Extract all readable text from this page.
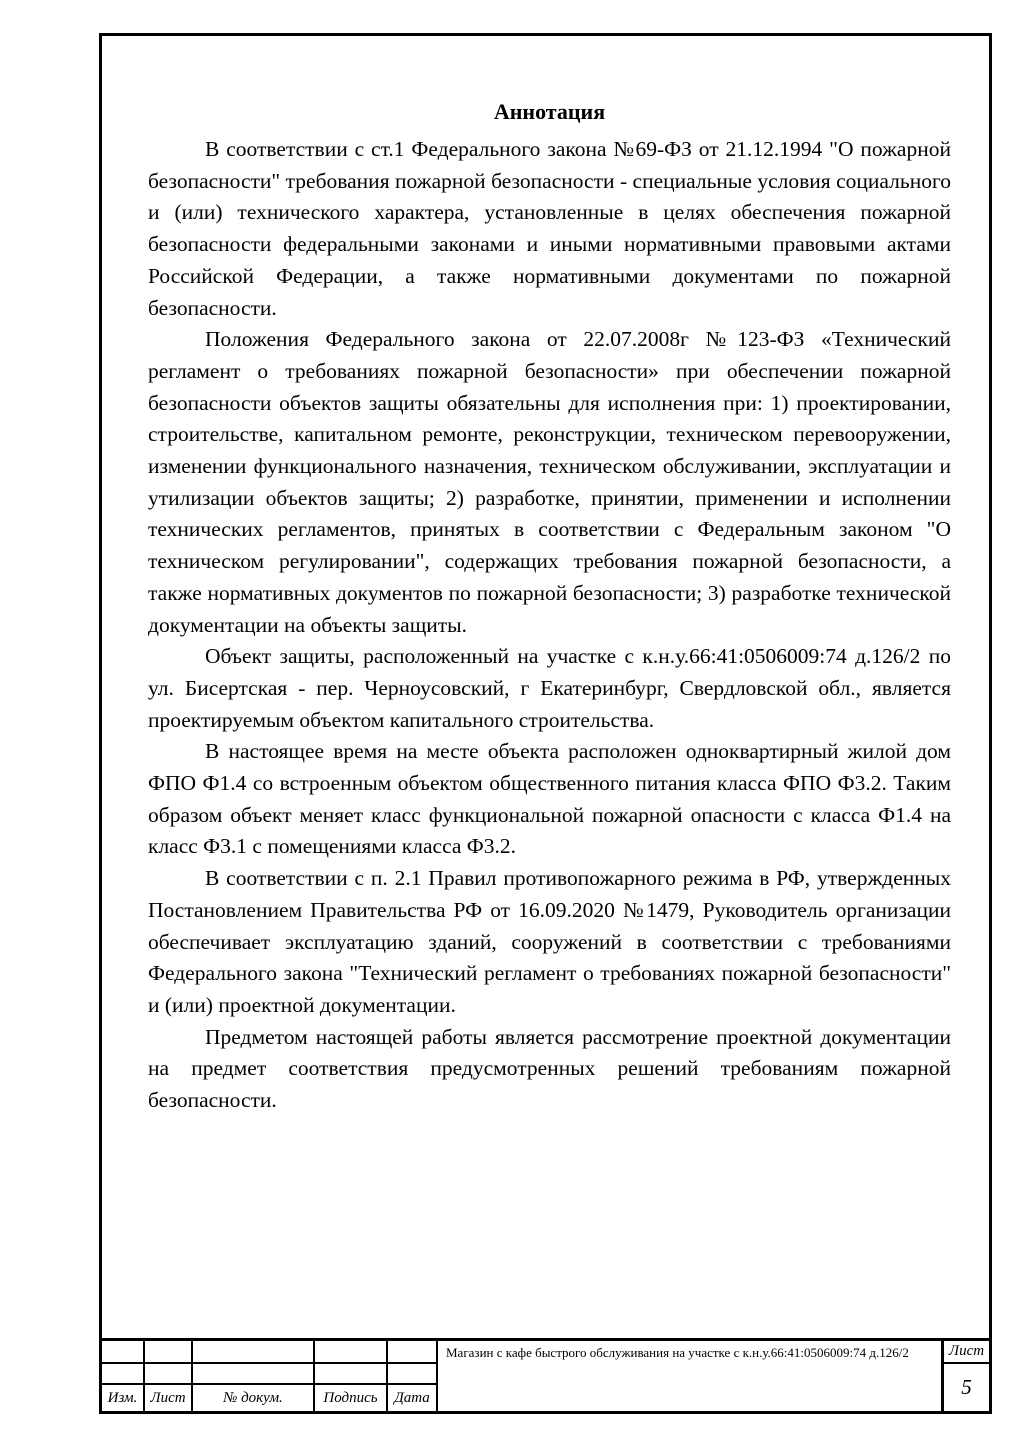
Аннотация

В соответствии с ст.1 Федерального закона №69-ФЗ от 21.12.1994 "О пожарной безопасности" требования пожарной безопасности - специальные условия социального и (или) технического характера, установленные в целях обеспечения пожарной безопасности федеральными законами и иными нормативными правовыми актами Российской Федерации, а также нормативными документами по пожарной безопасности.

Положения Федерального закона от 22.07.2008г №123-ФЗ «Технический регламент о требованиях пожарной безопасности» при обеспечении пожарной безопасности объектов защиты обязательны для исполнения при: 1) проектировании, строительстве, капитальном ремонте, реконструкции, техническом перевооружении, изменении функционального назначения, техническом обслуживании, эксплуатации и утилизации объектов защиты; 2) разработке, принятии, применении и исполнении технических регламентов, принятых в соответствии с Федеральным законом "О техническом регулировании", содержащих требования пожарной безопасности, а также нормативных документов по пожарной безопасности; 3) разработке технической документации на объекты защиты.

Объект защиты, расположенный на участке с к.н.у.66:41:0506009:74 д.126/2 по ул. Бисертская - пер. Черноусовский, г Екатеринбург, Свердловской обл., является проектируемым объектом капитального строительства.

В настоящее время на месте объекта расположен одноквартирный жилой дом ФПО Ф1.4 со встроенным объектом общественного питания класса ФПО Ф3.2. Таким образом объект меняет класс функциональной пожарной опасности с класса Ф1.4 на класс Ф3.1 с помещениями класса Ф3.2.

В соответствии с п. 2.1 Правил противопожарного режима в РФ, утвержденных Постановлением Правительства РФ от 16.09.2020 №1479, Руководитель организации обеспечивает эксплуатацию зданий, сооружений в соответствии с требованиями Федерального закона "Технический регламент о требованиях пожарной безопасности" и (или) проектной документации.

Предметом настоящей работы является рассмотрение проектной документации на предмет соответствия предусмотренных решений требованиям пожарной безопасности.

Изм. Лист	№ докум.	Подпись	Дата
Магазин с кафе быстрого обслуживания на участке с к.н.у.66:41:0506009:74 д.126/2	Лист
5
